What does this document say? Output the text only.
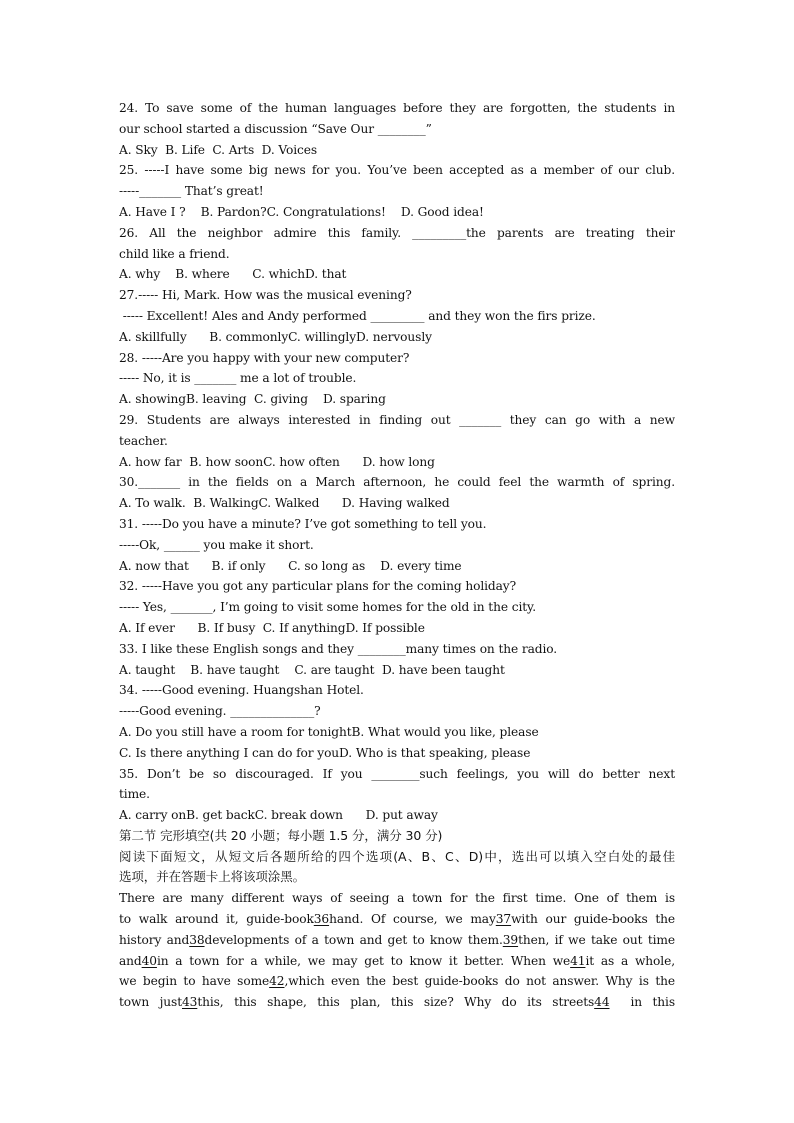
24. To save some of the human languages before they are forgotten, the students in
our school started a discussion “Save Our ________”
A. Sky  B. Life  C. Arts  D. Voices
25. -----I have some big news for you. You’ve been accepted as a member of our club.
-----_______ That’s great!
A. Have I ?    B. Pardon?C. Congratulations!    D. Good idea!
26. All the neighbor admire this family. _________the parents are treating their
child like a friend.
A. why    B. where      C. whichD. that
27.----- Hi, Mark. How was the musical evening?
----- Excellent! Ales and Andy performed _________ and they won the firs prize.
A. skillfully      B. commonlyC. willinglyD. nervously
28. -----Are you happy with your new computer?
----- No, it is _______ me a lot of trouble.
A. showingB. leaving  C. giving    D. sparing
29. Students are always interested in finding out _______ they can go with a new
teacher.
A. how far  B. how soonC. how often      D. how long
30._______ in the fields on a March afternoon, he could feel the warmth of spring.
A. To walk.  B. WalkingC. Walked      D. Having walked
31. -----Do you have a minute? I’ve got something to tell you.
-----Ok, ______ you make it short.
A. now that      B. if only      C. so long as    D. every time
32. -----Have you got any particular plans for the coming holiday?
----- Yes, _______, I’m going to visit some homes for the old in the city.
A. If ever      B. If busy  C. If anythingD. If possible
33. I like these English songs and they ________many times on the radio.
A. taught    B. have taught    C. are taught  D. have been taught
34. -----Good evening. Huangshan Hotel.
-----Good evening. ______________?
A. Do you still have a room for tonightB. What would you like, please
C. Is there anything I can do for youD. Who is that speaking, please
35. Don’t be so discouraged. If you ________such feelings, you will do better next
time.
A. carry onB. get backC. break down      D. put away
第二节 完形填空(共 20 小题；每小题 1.5 分，满分 30 分)
阅读下面短文，从短文后各题所给的四个选项(A、B、C、D)中，选出可以填入空白处的最佳
选项，并在答题卡上将该项涂黑。
There are many different ways of seeing a town for the first time. One of them is
to walk around it, guide-book36hand. Of course, we may37with our guide-books the
history and38developments of a town and get to know them.39then, if we take out time
and40in a town for a while, we may get to know it better. When we41it as a whole,
we begin to have some42,which even the best guide-books do not answer. Why is the
town just43this, this shape, this plan, this size? Why do its streets44  in this
